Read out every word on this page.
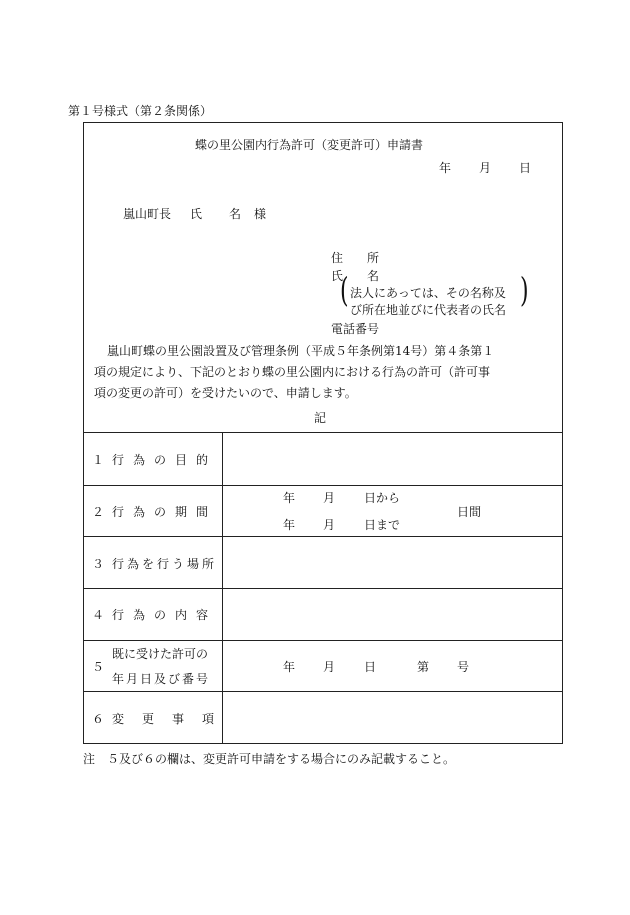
第１号様式（第２条関係）
蝶の里公園内行為許可（変更許可）申請書
年 月 日
嵐山町長 氏 名 様
住　　所
氏　　名
( 法人にあっては、その名称及
び所在地並びに代表者の氏名 )
電話番号
嵐山町蝶の里公園設置及び管理条例（平成５年条例第14号）第４条第１
項の規定により、下記のとおり蝶の里公園内における行為の許可（許可事
項の変更の許可）を受けたいので、申請します。
記
１ 行為の目的
２ 行為の期間
年 月 日から
年 月 日まで
日間
３ 行為を行う場所
４ 行為の内容
５
既に受けた許可の
年月日及び番号
年 月 日	第 号
６ 変更事項
注　５及び６の欄は、変更許可申請をする場合にのみ記載すること。
